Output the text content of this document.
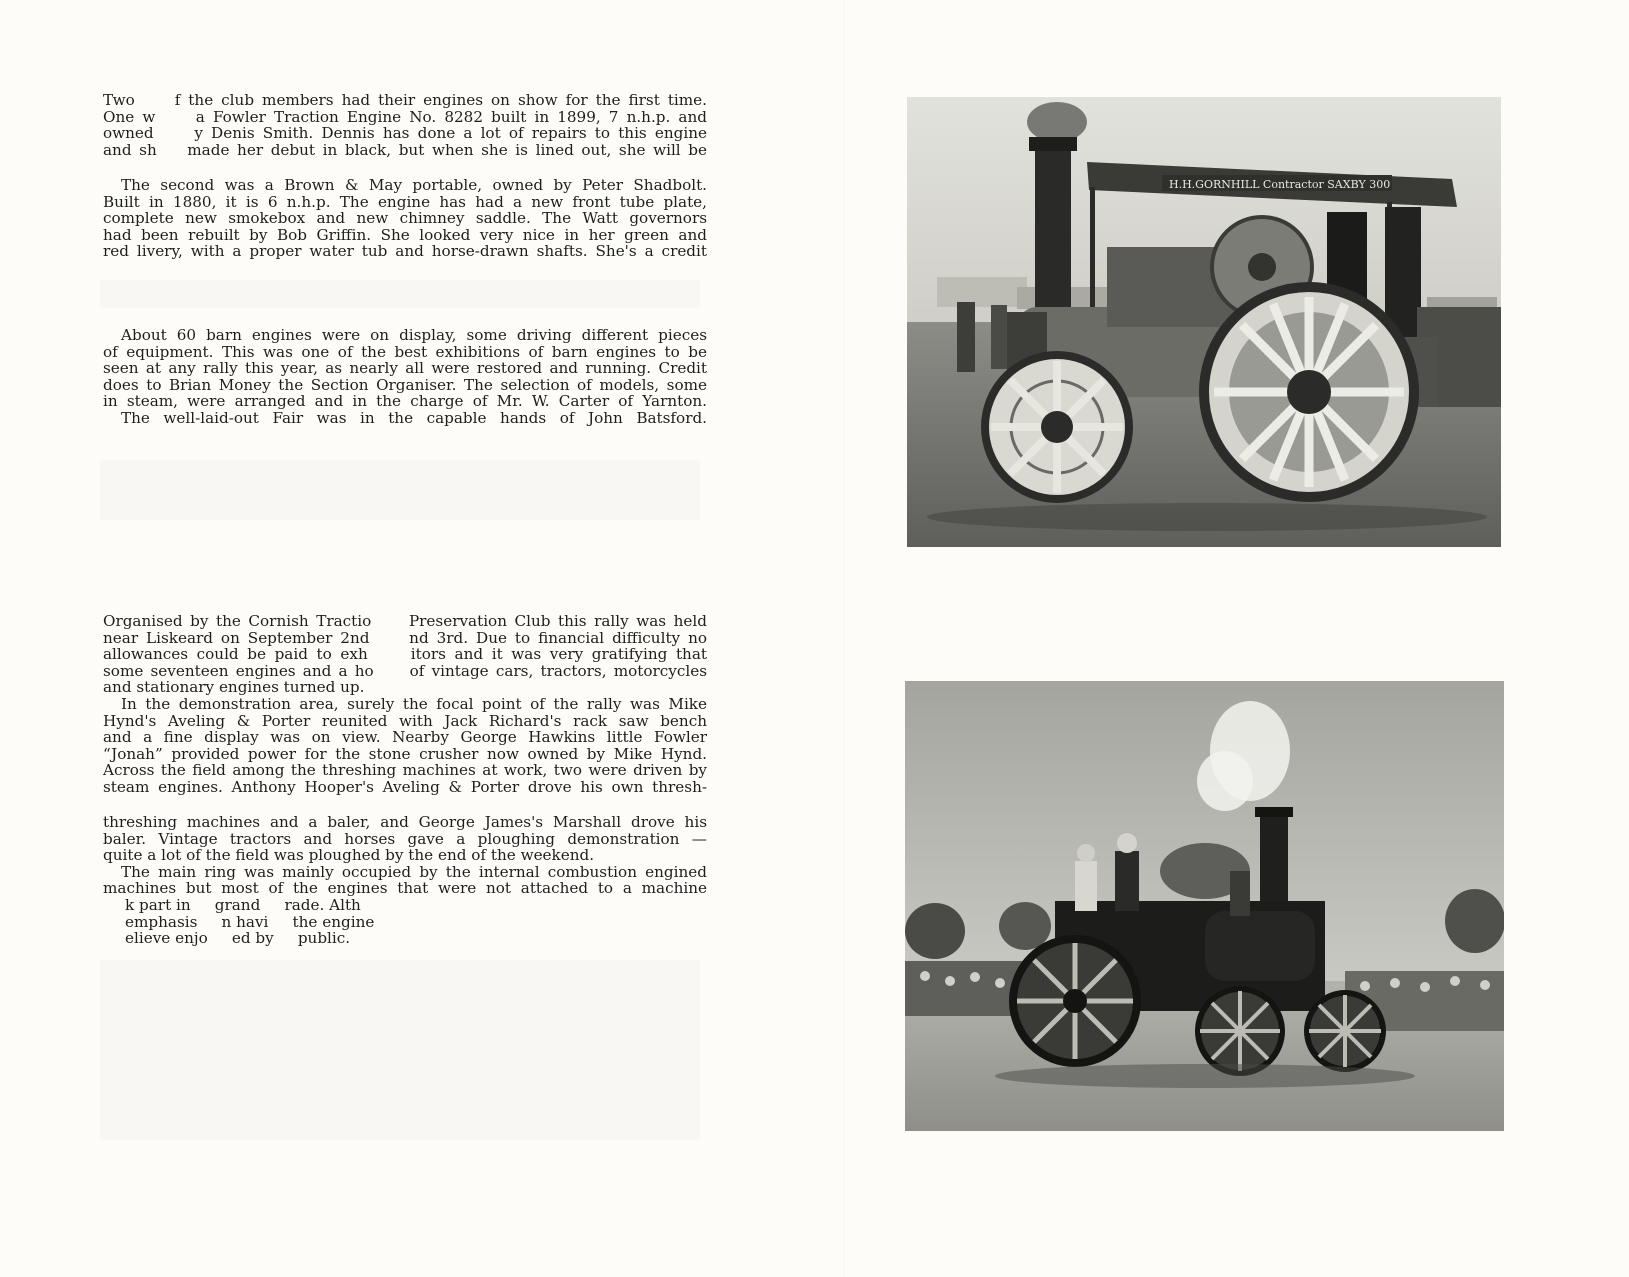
Two     f the club members had their engines on show for the first time.
One w     a Fowler Traction Engine No. 8282 built in 1899, 7 n.h.p. and
owned     y Denis Smith. Dennis has done a lot of repairs to this engine
and sh    made her debut in black, but when she is lined out, she will be
The second was a Brown & May portable, owned by Peter Shadbolt.
Built in 1880, it is 6 n.h.p. The engine has had a new front tube plate,
complete new smokebox and new chimney saddle. The Watt governors
had been rebuilt by Bob Griffin. She looked very nice in her green and
red livery, with a proper water tub and horse-drawn shafts. She's a credit
About 60 barn engines were on display, some driving different pieces
of equipment. This was one of the best exhibitions of barn engines to be
seen at any rally this year, as nearly all were restored and running. Credit
does to Brian Money the Section Organiser. The selection of models, some
in steam, were arranged and in the charge of Mr. W. Carter of Yarnton.
The well-laid-out Fair was in the capable hands of John Batsford.
Organised by the Cornish Tractio     Preservation Club this rally was held
near Liskeard on September 2nd     nd 3rd. Due to financial difficulty no
allowances could be paid to exh     itors and it was very gratifying that
some seventeen engines and a ho     of vintage cars, tractors, motorcycles
and stationary engines turned up.
In the demonstration area, surely the focal point of the rally was Mike
Hynd's Aveling & Porter reunited with Jack Richard's rack saw bench
and a fine display was on view. Nearby George Hawkins little Fowler
“Jonah” provided power for the stone crusher now owned by Mike Hynd.
Across the field among the threshing machines at work, two were driven by
steam engines. Anthony Hooper's Aveling & Porter drove his own thresh-
threshing machines and a baler, and George James's Marshall drove his
baler. Vintage tractors and horses gave a ploughing demonstration —
quite a lot of the field was ploughed by the end of the weekend.
The main ring was mainly occupied by the internal combustion engined
machines but most of the engines that were not attached to a machine
k part in     grand     rade. Alth
emphasis     n havi     the engine
elieve enjo     ed by     public.
H.H.GORNHILL Contractor SAXBY 300
